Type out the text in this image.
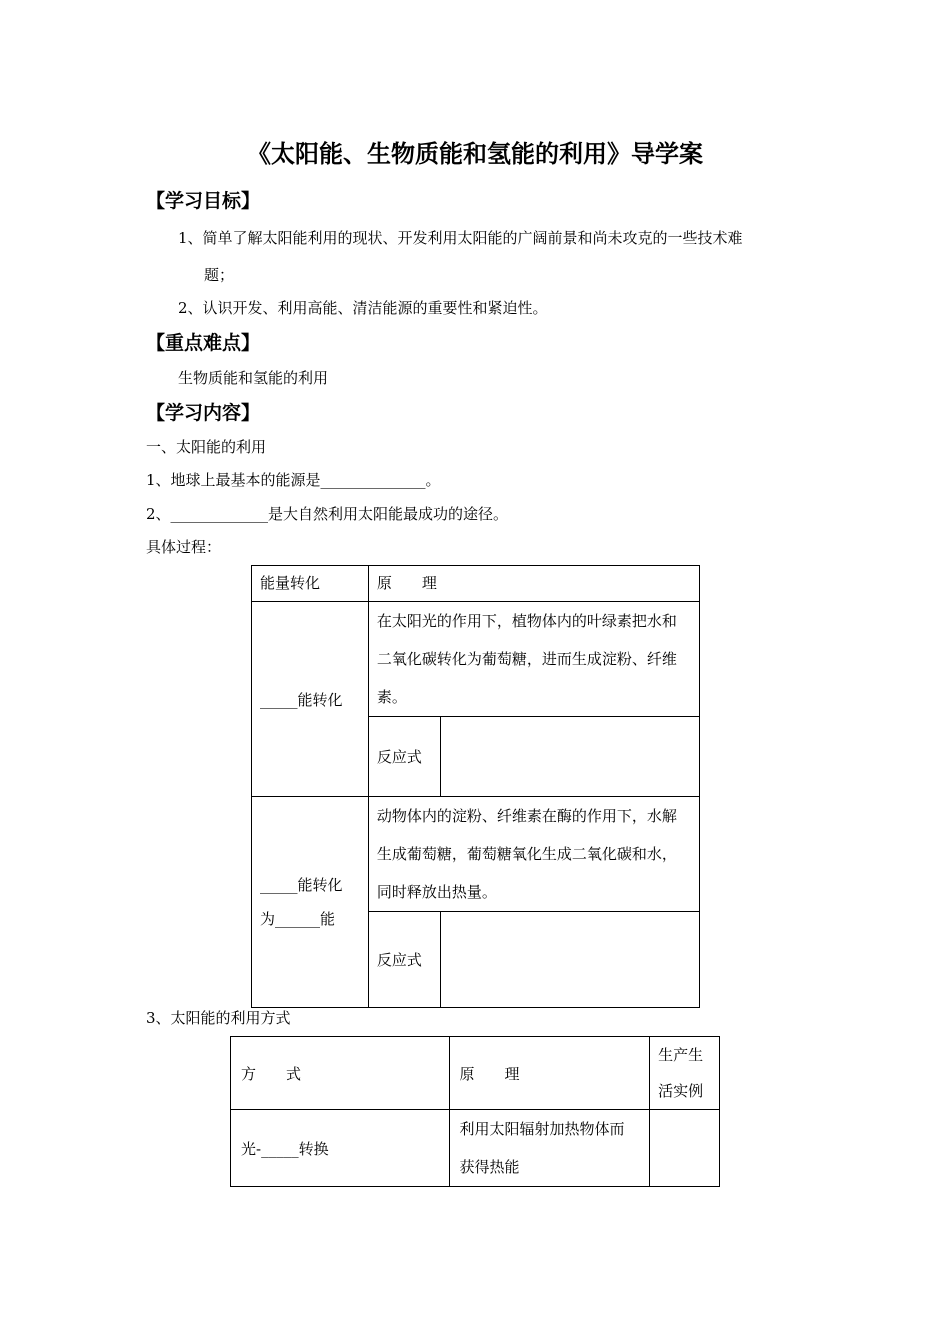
《太阳能、生物质能和氢能的利用》导学案
【学习目标】
1、简单了解太阳能利用的现状、开发利用太阳能的广阔前景和尚未攻克的一些技术难
题；
2、认识开发、利用高能、清洁能源的重要性和紧迫性。
【重点难点】
生物质能和氢能的利用
【学习内容】
一、太阳能的利用
1、地球上最基本的能源是______________。
2、_____________是大自然利用太阳能最成功的途径。
具体过程：
能量转化	原　　理	
_____能转化	在太阳光的作用下，植物体内的叶绿素把水和二氧化碳转化为葡萄糖，进而生成淀粉、纤维素。	
	反应式	

_____能转化
为______能	动物体内的淀粉、纤维素在酶的作用下，水解生成葡萄糖，葡萄糖氧化生成二氧化碳和水，同时释放出热量。	
	反应式	
3、太阳能的利用方式
方　　式	原　　理	生产生活实例
光-_____转换	利用太阳辐射加热物体而获得热能	
